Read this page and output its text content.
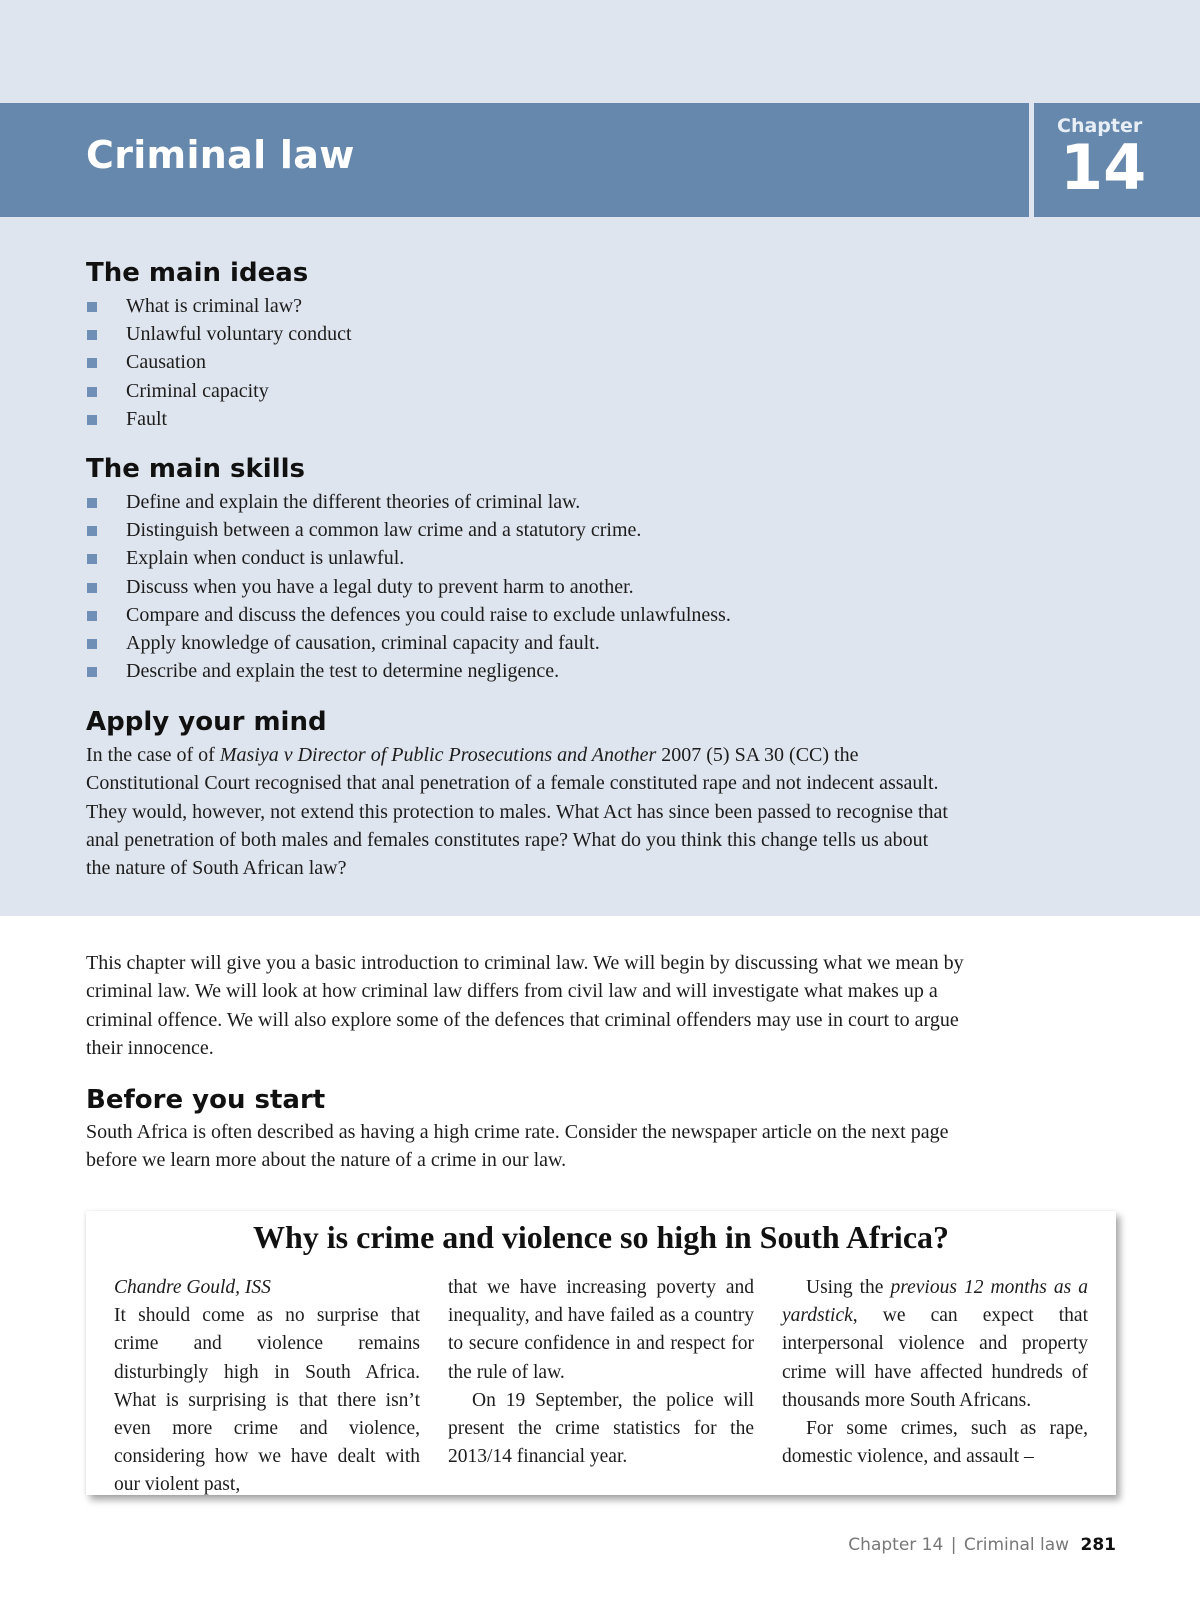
Criminal law
Chapter
14
The main ideas
What is criminal law?
Unlawful voluntary conduct
Causation
Criminal capacity
Fault
The main skills
Define and explain the different theories of criminal law.
Distinguish between a common law crime and a statutory crime.
Explain when conduct is unlawful.
Discuss when you have a legal duty to prevent harm to another.
Compare and discuss the defences you could raise to exclude unlawfulness.
Apply knowledge of causation, criminal capacity and fault.
Describe and explain the test to determine negligence.
Apply your mind

In the case of of Masiya v Director of Public Prosecutions and Another 2007 (5) SA 30 (CC) the Constitutional Court recognised that anal penetration of a female constituted rape and not indecent assault. They would, however, not extend this protection to males. What Act has since been passed to recognise that anal penetration of both males and females constitutes rape? What do you think this change tells us about the nature of South African law?

This chapter will give you a basic introduction to criminal law. We will begin by discussing what we mean by criminal law. We will look at how criminal law differs from civil law and will investigate what makes up a criminal offence. We will also explore some of the defences that criminal offenders may use in court to argue their innocence.

Before you start

South Africa is often described as having a high crime rate. Consider the newspaper article on the next page before we learn more about the nature of a crime in our law.

Why is crime and violence so high in South Africa?

Chandre Gould, ISS

It should come as no surprise that crime and violence remains disturbingly high in South Africa. What is surprising is that there isn’t even more crime and violence, considering how we have dealt with our violent past,

that we have increasing poverty and inequality, and have failed as a country to secure confidence in and respect for the rule of law.

On 19 September, the police will present the crime statistics for the 2013/14 financial year.

Using the previous 12 months as a yardstick, we can expect that interpersonal violence and property crime will have affected hundreds of thousands more South Africans.

For some crimes, such as rape, domestic violence, and assault –

Chapter 14 | Criminal law 281
